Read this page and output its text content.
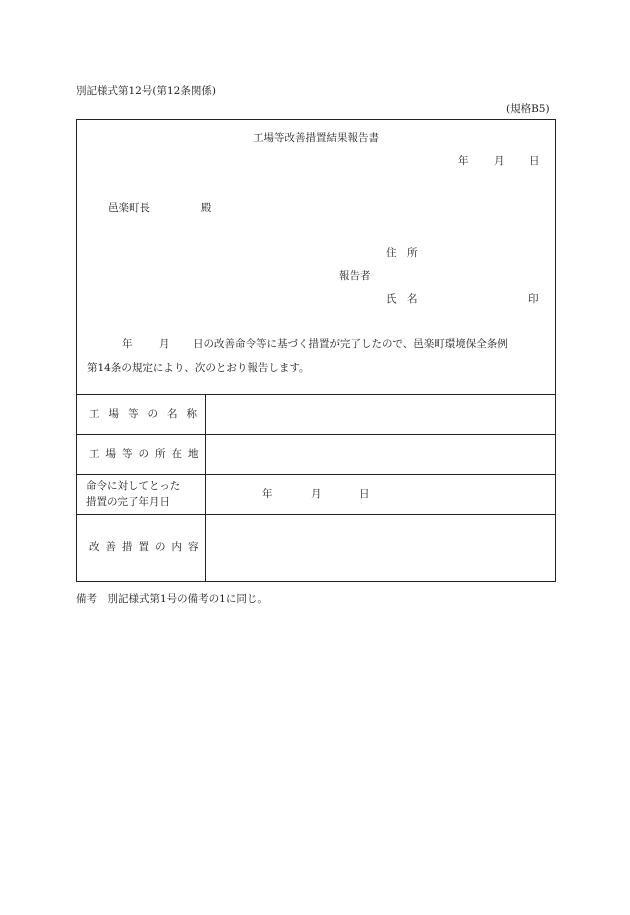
別記様式第12号(第12条関係)
(規格B5)
工場等改善措置結果報告書
年 月 日
邑楽町長	殿
住　所
報告者
氏　名	印
年	月 日の改善命令等に基づく措置が完了したので、邑楽町環境保全条例
第14条の規定により、次のとおり報告します。
工場等の名称
工場等の所在地
命令に対してとった
措置の完了年月日
年	月	日
改善措置の内容
備考　別記様式第1号の備考の1に同じ。
